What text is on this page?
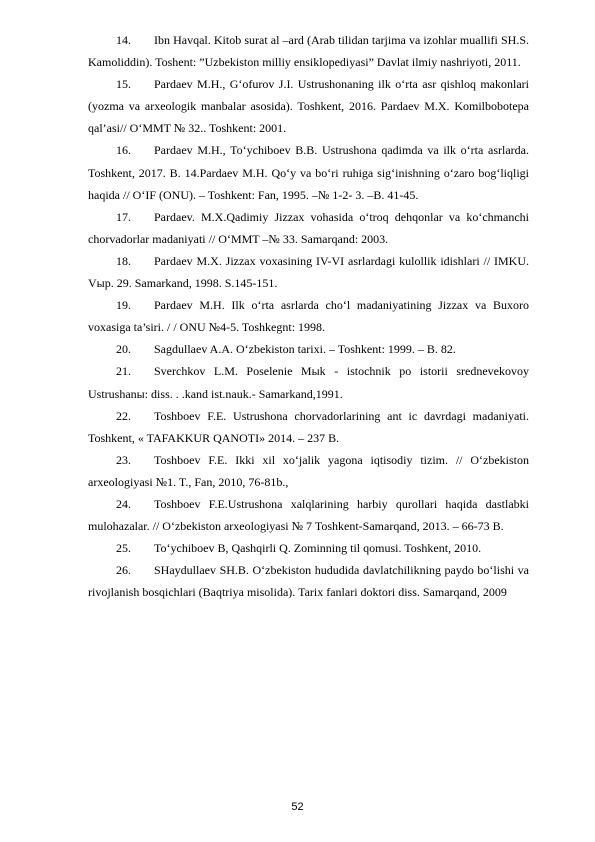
14. Ibn Havqal. Kitob surat al –ard (Arab tilidan tarjima va izohlar muallifi SH.S. Kamoliddin). Toshent: ”Uzbekiston milliy ensiklopediyasi” Davlat ilmiy nashriyoti, 2011.
15. Pardaev M.H., G‘ofurov J.I. Ustrushonaning ilk o‘rta asr qishloq makonlari (yozma va arxeologik manbalar asosida). Toshkent, 2016. Pardaev M.X. Komilbobotepa qal’asi// O‘MMT № 32.. Toshkent: 2001.
16. Pardaev M.H., To‘ychiboev B.B. Ustrushona qadimda va ilk o‘rta asrlarda. Toshkent, 2017. B. 14.Pardaev M.H. Qo‘y va bo‘ri ruhiga sig‘inishning o‘zaro bog‘liqligi haqida // O‘IF (ONU). – Toshkent: Fan, 1995. –№ 1-2- 3. –B. 41-45.
17. Pardaev. M.X.Qadimiy Jizzax vohasida o‘troq dehqonlar va ko‘chmanchi chorvadorlar madaniyati // O‘MMT –№ 33. Samarqand: 2003.
18. Pardaev M.X. Jizzax voxasining IV-VI asrlardagi kulollik idishlari // IMKU. Vыp. 29. Samarkand, 1998. S.145-151.
19. Pardaev M.H. Ilk o‘rta asrlarda cho‘l madaniyatining Jizzax va Buxoro voxasiga ta’siri. / / ONU №4-5. Toshkegnt: 1998.
20. Sagdullaev A.A. O‘zbekiston tarixi. – Toshkent: 1999. – B. 82.
21. Sverchkov L.M. Poselenie Mыk - istochnik po istorii srednevekovoy Ustrushanы: diss. . .kand ist.nauk.- Samarkand,1991.
22. Toshboev F.E. Ustrushona chorvadorlarining ant ic davrdagi madaniyati. Toshkent, « TAFAKKUR QANOTI» 2014. – 237 B.
23. Toshboev F.E. Ikki xil xo‘jalik yagona iqtisodiy tizim. // O‘zbekiston arxeologiyasi №1. T., Fan, 2010, 76-81b.,
24. Toshboev F.E.Ustrushona xalqlarining harbiy qurollari haqida dastlabki mulohazalar. // O‘zbekiston arxeologiyasi № 7 Toshkent-Samarqand, 2013. – 66-73 B.
25. To‘ychiboev B, Qashqirli Q. Zominning til qomusi. Toshkent, 2010.
26. SHaydullaev SH.B. O‘zbekiston hududida davlatchilikning paydo bo‘lishi va rivojlanish bosqichlari (Baqtriya misolida). Tarix fanlari doktori diss. Samarqand, 2009
52
